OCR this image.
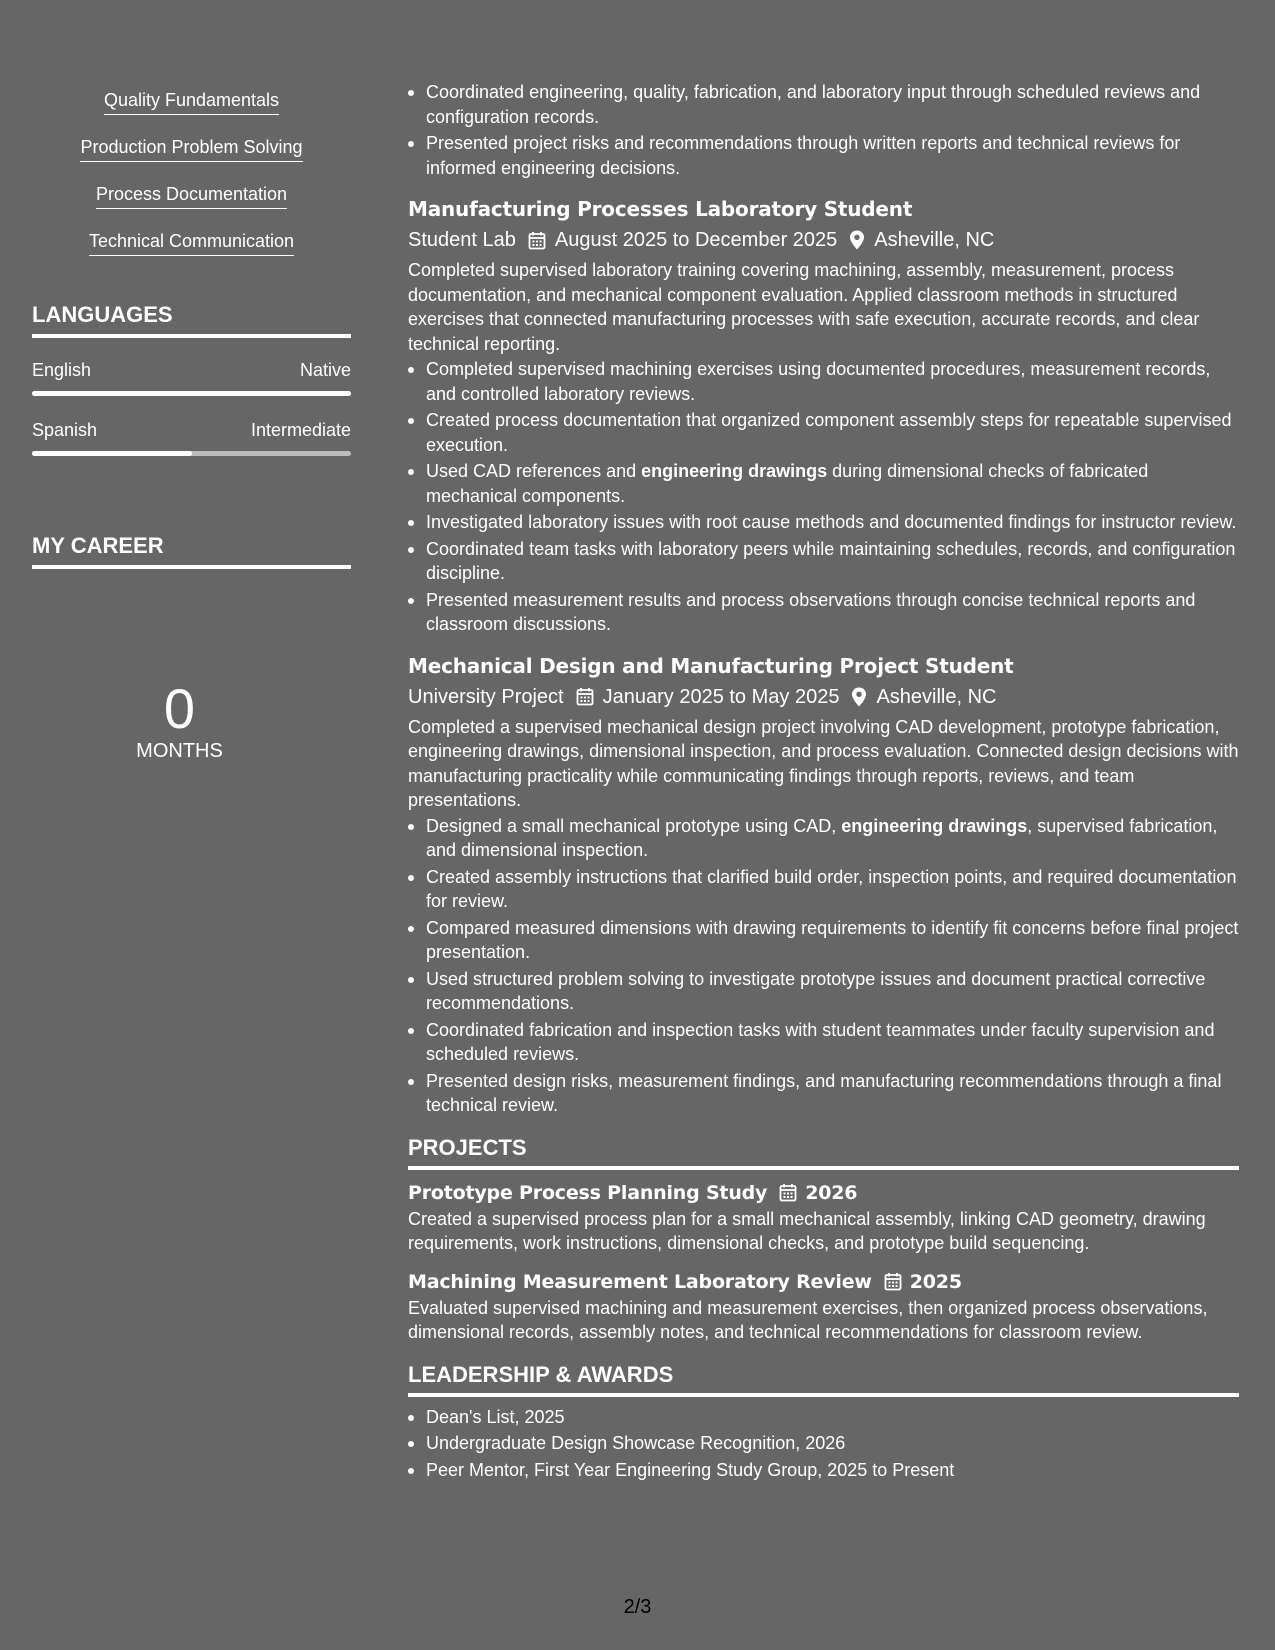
Quality Fundamentals
Production Problem Solving
Process Documentation
Technical Communication
LANGUAGES
English	Native
Spanish	Intermediate
MY CAREER
0
MONTHS
Coordinated engineering, quality, fabrication, and laboratory input through scheduled reviews and configuration records.
Presented project risks and recommendations through written reports and technical reviews for informed engineering decisions.
Manufacturing Processes Laboratory Student
Student Lab August 2025 to December 2025 Asheville, NC

Completed supervised laboratory training covering machining, assembly, measurement, process documentation, and mechanical component evaluation. Applied classroom methods in structured exercises that connected manufacturing processes with safe execution, accurate records, and clear technical reporting.

Completed supervised machining exercises using documented procedures, measurement records, and controlled laboratory reviews.
Created process documentation that organized component assembly steps for repeatable supervised execution.
Used CAD references and engineering drawings during dimensional checks of fabricated mechanical components.
Investigated laboratory issues with root cause methods and documented findings for instructor review.
Coordinated team tasks with laboratory peers while maintaining schedules, records, and configuration discipline.
Presented measurement results and process observations through concise technical reports and classroom discussions.
Mechanical Design and Manufacturing Project Student
University Project January 2025 to May 2025 Asheville, NC

Completed a supervised mechanical design project involving CAD development, prototype fabrication, engineering drawings, dimensional inspection, and process evaluation. Connected design decisions with manufacturing practicality while communicating findings through reports, reviews, and team presentations.

Designed a small mechanical prototype using CAD, engineering drawings, supervised fabrication, and dimensional inspection.
Created assembly instructions that clarified build order, inspection points, and required documentation for review.
Compared measured dimensions with drawing requirements to identify fit concerns before final project presentation.
Used structured problem solving to investigate prototype issues and document practical corrective recommendations.
Coordinated fabrication and inspection tasks with student teammates under faculty supervision and scheduled reviews.
Presented design risks, measurement findings, and manufacturing recommendations through a final technical review.
PROJECTS
Prototype Process Planning Study 2026

Created a supervised process plan for a small mechanical assembly, linking CAD geometry, drawing requirements, work instructions, dimensional checks, and prototype build sequencing.

Machining Measurement Laboratory Review 2025

Evaluated supervised machining and measurement exercises, then organized process observations, dimensional records, assembly notes, and technical recommendations for classroom review.

LEADERSHIP & AWARDS
Dean's List, 2025
Undergraduate Design Showcase Recognition, 2026
Peer Mentor, First Year Engineering Study Group, 2025 to Present
2/3
